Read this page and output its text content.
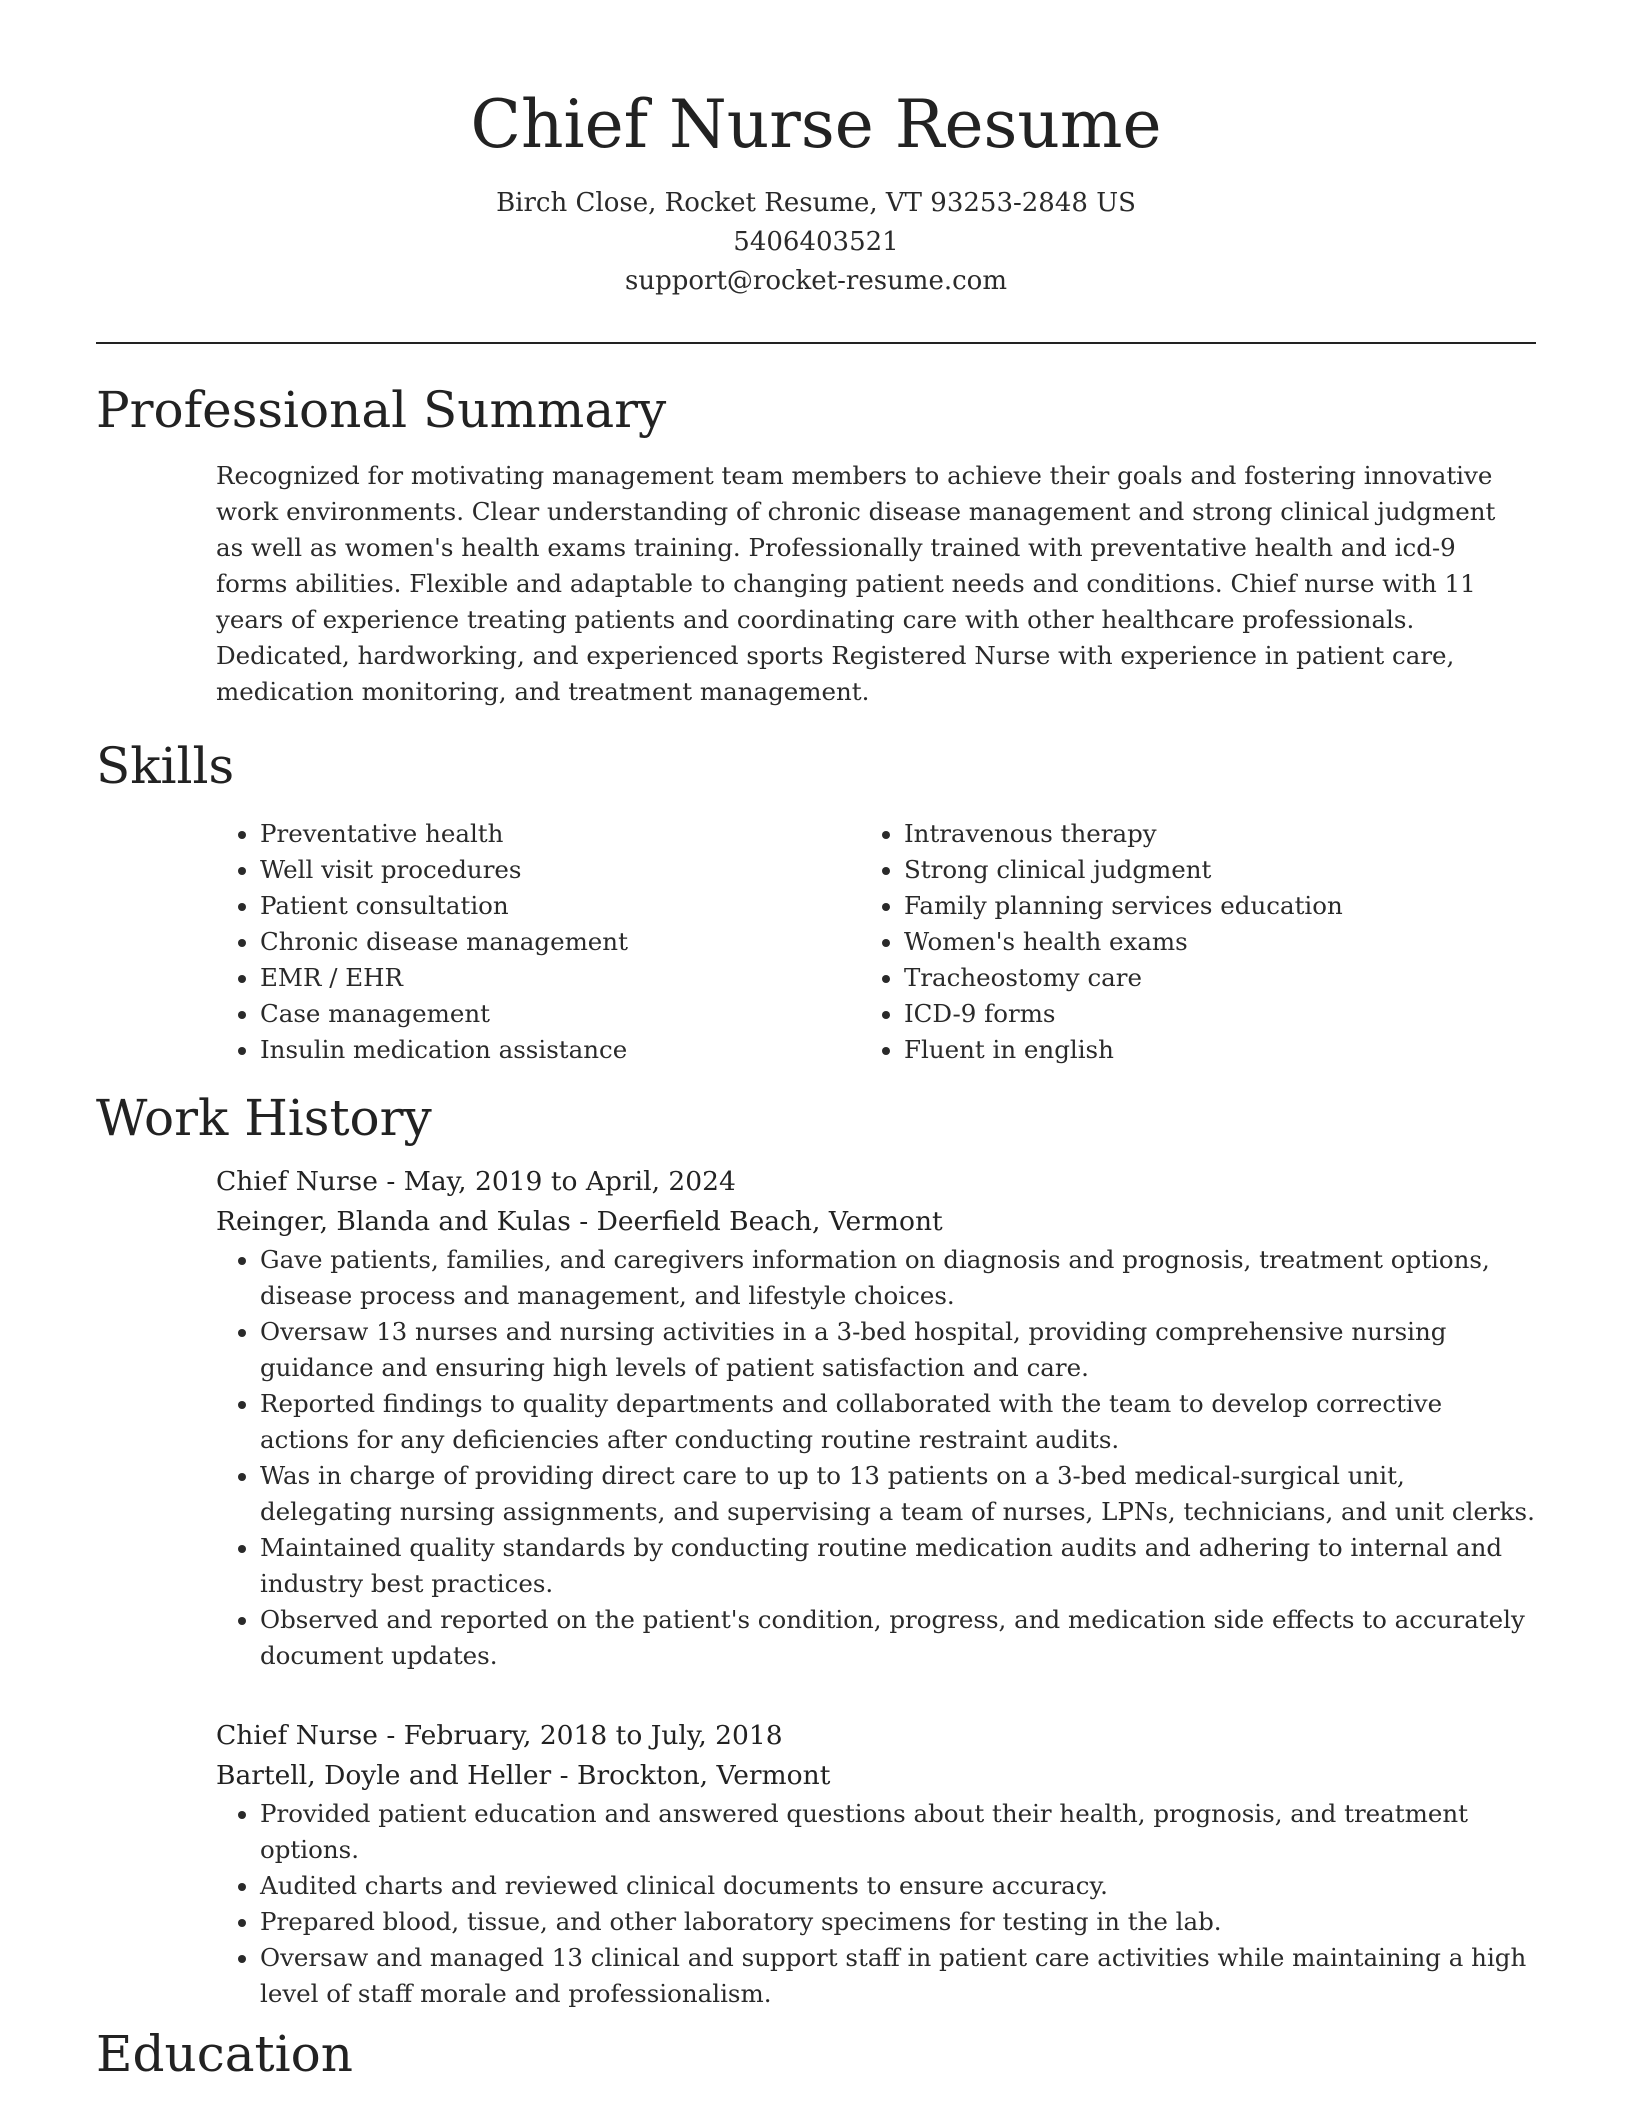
Chief Nurse Resume
Birch Close, Rocket Resume, VT 93253-2848 US
5406403521
support@rocket-resume.com
Professional Summary

Recognized for motivating management team members to achieve their goals and fostering innovative work environments. Clear understanding of chronic disease management and strong clinical judgment as well as women's health exams training. Professionally trained with preventative health and icd-9 forms abilities. Flexible and adaptable to changing patient needs and conditions. Chief nurse with 11 years of experience treating patients and coordinating care with other healthcare professionals. Dedicated, hardworking, and experienced sports Registered Nurse with experience in patient care, medication monitoring, and treatment management.

Skills
• Preventative health
• Well visit procedures
• Patient consultation
• Chronic disease management
• EMR / EHR
• Case management
• Insulin medication assistance
• Intravenous therapy
• Strong clinical judgment
• Family planning services education
• Women's health exams
• Tracheostomy care
• ICD-9 forms
• Fluent in english
Work History
Chief Nurse - May, 2019 to April, 2024
Reinger, Blanda and Kulas - Deerfield Beach, Vermont
• Gave patients, families, and caregivers information on diagnosis and prognosis, treatment options, disease process and management, and lifestyle choices.
• Oversaw 13 nurses and nursing activities in a 3-bed hospital, providing comprehensive nursing guidance and ensuring high levels of patient satisfaction and care.
• Reported findings to quality departments and collaborated with the team to develop corrective actions for any deficiencies after conducting routine restraint audits.
• Was in charge of providing direct care to up to 13 patients on a 3-bed medical-surgical unit, delegating nursing assignments, and supervising a team of nurses, LPNs, technicians, and unit clerks.
• Maintained quality standards by conducting routine medication audits and adhering to internal and industry best practices.
• Observed and reported on the patient's condition, progress, and medication side effects to accurately document updates.
Chief Nurse - February, 2018 to July, 2018
Bartell, Doyle and Heller - Brockton, Vermont
• Provided patient education and answered questions about their health, prognosis, and treatment options.
• Audited charts and reviewed clinical documents to ensure accuracy.
• Prepared blood, tissue, and other laboratory specimens for testing in the lab.
• Oversaw and managed 13 clinical and support staff in patient care activities while maintaining a high level of staff morale and professionalism.
Education
